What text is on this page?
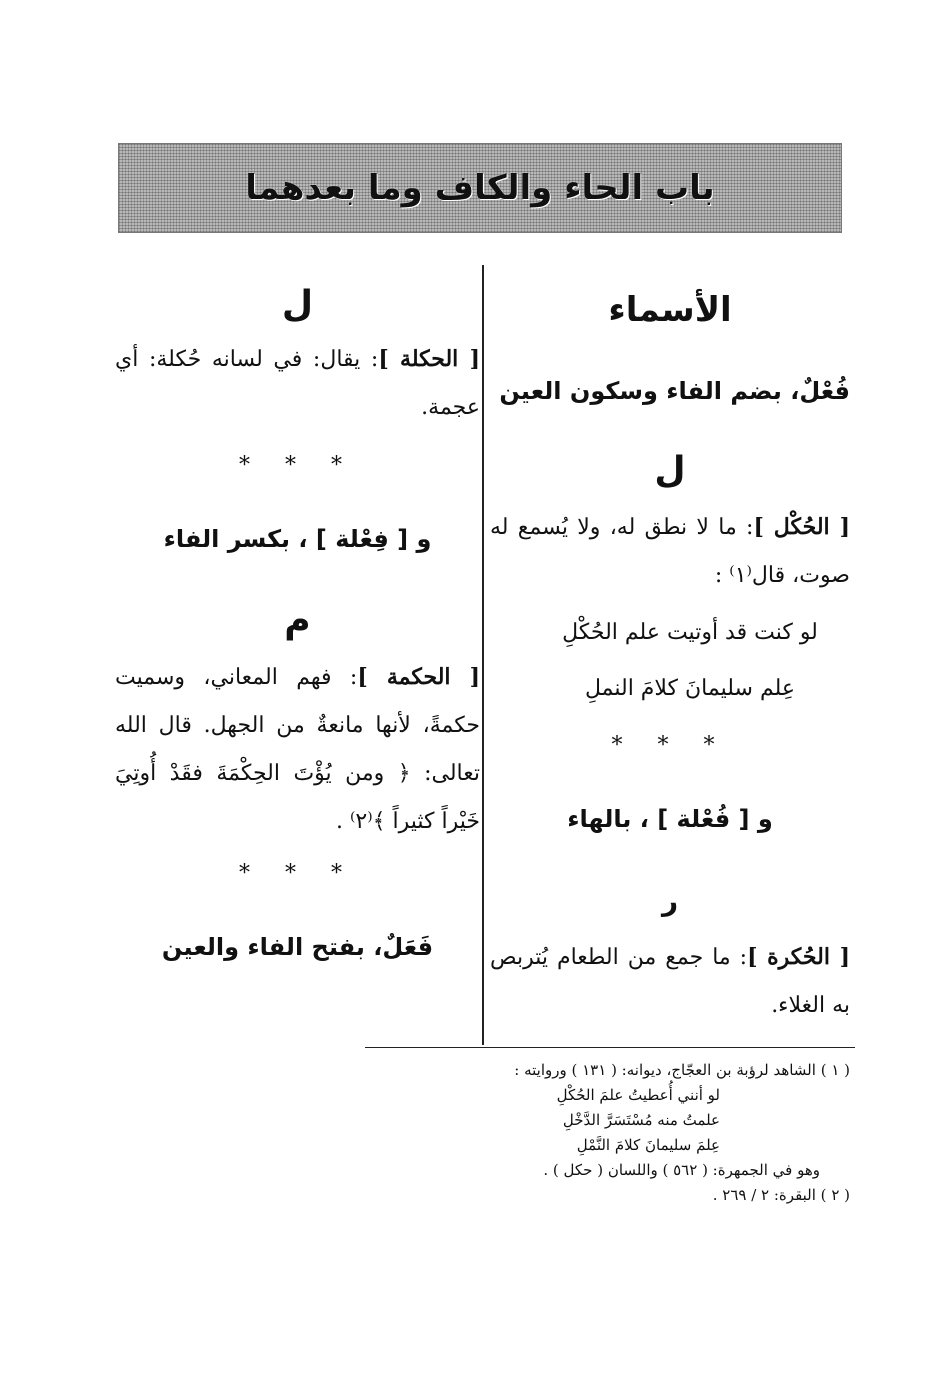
باب الحاء والكاف وما بعدهما
الأسماء
فُعْلٌ، بضم الفاء وسكون العين
ل
[ الحُكْل ]: ما لا نطق له، ولا يُسمع له صوت، قال⁽١⁾ :
لو كنت قد أوتيت علم الحُكْلِ
عِلم سليمانَ كلامَ النملِ
* * *
و [ فُعْلة ] ، بالهاء
ر
[ الحُكرة ]: ما جمع من الطعام يُتربص به الغلاء.
ل
[ الحكلة ]: يقال: في لسانه حُكلة: أي عجمة.
* * *
و [ فِعْلة ] ، بكسر الفاء
م
[ الحكمة ]: فهم المعاني، وسميت حكمةً، لأنها مانعةٌ من الجهل. قال الله تعالى: ﴿ ومن يُؤْتَ الحِكْمَةَ فقَدْ أُوتِيَ خَيْراً كثيراً ﴾⁽٢⁾ .
* * *
فَعَلٌ، بفتح الفاء والعين
( ١ ) الشاهد لرؤبة بن العجّاج، ديوانه: ( ١٣١ ) وروايته :
لو أنني أُعطيتُ علمَ الحُكْلِ
علمتُ منه مُسْتَسَرَّ الدَّخْلِ
عِلمَ سليمانَ كلامَ النَّمْلِ
وهو في الجمهرة: ( ٥٦٢ ) واللسان ( حكل ) .
( ٢ ) البقرة: ٢ / ٢٦٩ .
